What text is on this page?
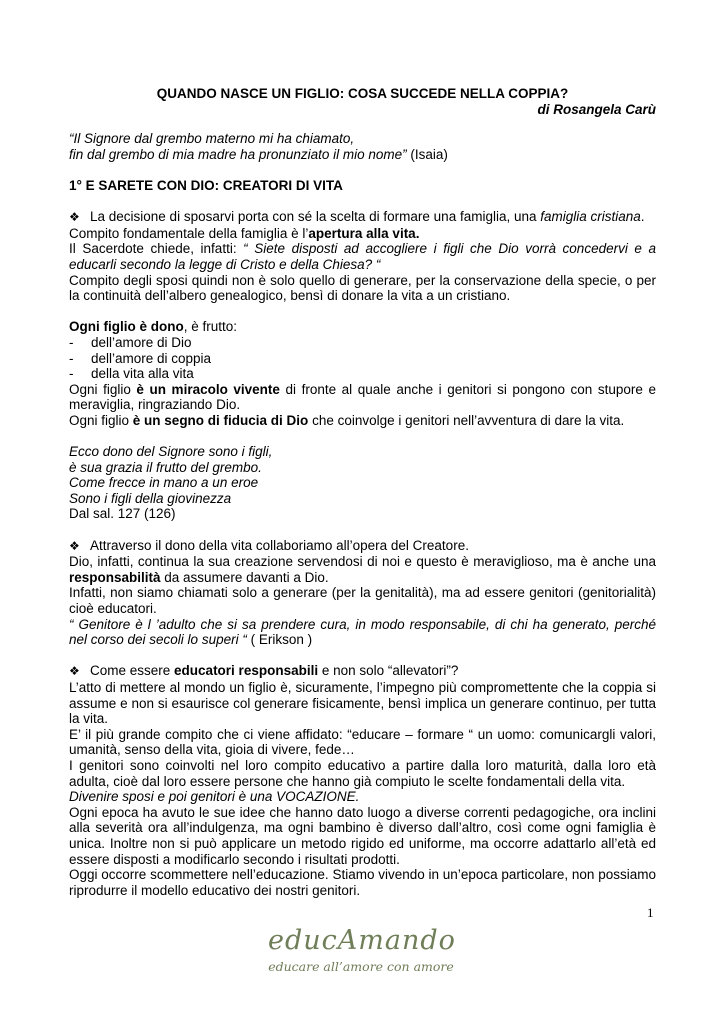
QUANDO NASCE UN FIGLIO: COSA SUCCEDE NELLA COPPIA?

di Rosangela Carù

“Il Signore dal grembo materno mi ha chiamato,

fin dal grembo di mia madre ha pronunziato il mio nome” (Isaia)

1° E SARETE CON DIO: CREATORI DI VITA

❖ La decisione di sposarvi porta con sé la scelta di formare una famiglia, una famiglia cristiana.

Compito fondamentale della famiglia è l’apertura alla vita.

Il Sacerdote chiede, infatti: “ Siete disposti ad accogliere i figli che Dio vorrà concedervi e a educarli secondo la legge di Cristo e della Chiesa? “

Compito degli sposi quindi non è solo quello di generare, per la conservazione della specie, o per la continuità dell’albero genealogico, bensì di donare la vita a un cristiano.

Ogni figlio è dono, è frutto:

- dell’amore di Dio

- dell’amore di coppia

- della vita alla vita

Ogni figlio è un miracolo vivente di fronte al quale anche i genitori si pongono con stupore e meraviglia, ringraziando Dio.

Ogni figlio è un segno di fiducia di Dio che coinvolge i genitori nell’avventura di dare la vita.

Ecco dono del Signore sono i figli,

è sua grazia il frutto del grembo.

Come frecce in mano a un eroe

Sono i figli della giovinezza

Dal sal. 127 (126)

❖ Attraverso il dono della vita collaboriamo all’opera del Creatore.

Dio, infatti, continua la sua creazione servendosi di noi e questo è meraviglioso, ma è anche una responsabilità da assumere davanti a Dio.

Infatti, non siamo chiamati solo a generare (per la genitalità), ma ad essere genitori (genitorialità) cioè educatori.

“ Genitore è l ’adulto che si sa prendere cura, in modo responsabile, di chi ha generato, perché nel corso dei secoli lo superi “ ( Erikson )

❖ Come essere educatori responsabili e non solo “allevatori”?

L’atto di mettere al mondo un figlio è, sicuramente, l’impegno più compromettente che la coppia si assume e non si esaurisce col generare fisicamente, bensì implica un generare continuo, per tutta la vita.

E’ il più grande compito che ci viene affidato: “educare – formare “ un uomo: comunicargli valori, umanità, senso della vita, gioia di vivere, fede…

I genitori sono coinvolti nel loro compito educativo a partire dalla loro maturità, dalla loro età adulta, cioè dal loro essere persone che hanno già compiuto le scelte fondamentali della vita.

Divenire sposi e poi genitori è una VOCAZIONE.

Ogni epoca ha avuto le sue idee che hanno dato luogo a diverse correnti pedagogiche, ora inclini alla severità ora all’indulgenza, ma ogni bambino è diverso dall’altro, così come ogni famiglia è unica. Inoltre non si può applicare un metodo rigido ed uniforme, ma occorre adattarlo all’età ed essere disposti a modificarlo secondo i risultati prodotti.

Oggi occorre scommettere nell’educazione. Stiamo vivendo in un’epoca particolare, non possiamo riprodurre il modello educativo dei nostri genitori.

1
educAmando
educare all’amore con amore
